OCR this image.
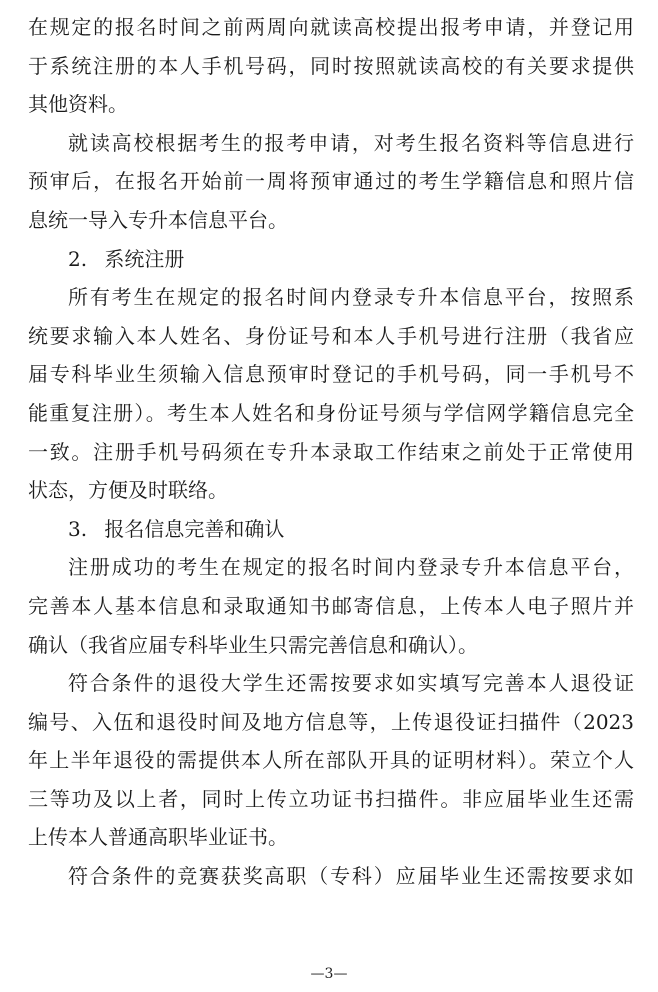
在规定的报名时间之前两周向就读高校提出报考申请，并登记用
于系统注册的本人手机号码，同时按照就读高校的有关要求提供
其他资料。
就读高校根据考生的报考申请，对考生报名资料等信息进行
预审后，在报名开始前一周将预审通过的考生学籍信息和照片信
息统一导入专升本信息平台。
2. 系统注册
所有考生在规定的报名时间内登录专升本信息平台，按照系
统要求输入本人姓名、身份证号和本人手机号进行注册（我省应
届专科毕业生须输入信息预审时登记的手机号码，同一手机号不
能重复注册）。考生本人姓名和身份证号须与学信网学籍信息完全
一致。注册手机号码须在专升本录取工作结束之前处于正常使用
状态，方便及时联络。
3. 报名信息完善和确认
注册成功的考生在规定的报名时间内登录专升本信息平台，
完善本人基本信息和录取通知书邮寄信息，上传本人电子照片并
确认（我省应届专科毕业生只需完善信息和确认）。
符合条件的退役大学生还需按要求如实填写完善本人退役证
编号、入伍和退役时间及地方信息等，上传退役证扫描件（2023
年上半年退役的需提供本人所在部队开具的证明材料）。荣立个人
三等功及以上者，同时上传立功证书扫描件。非应届毕业生还需
上传本人普通高职毕业证书。
符合条件的竞赛获奖高职（专科）应届毕业生还需按要求如
—3—
